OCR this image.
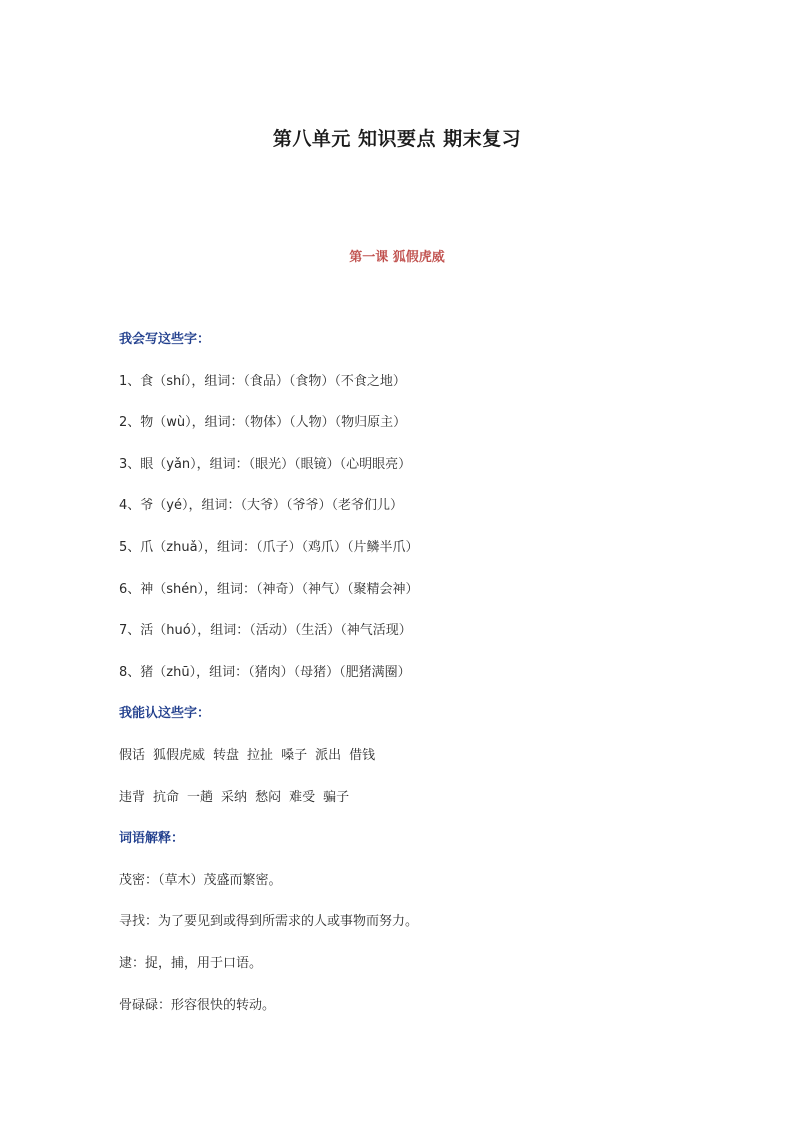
第八单元 知识要点 期末复习
第一课 狐假虎威
我会写这些字：
1、食（shí），组词：（食品）（食物）（不食之地）
2、物（wù），组词：（物体）（人物）（物归原主）
3、眼（yǎn），组词：（眼光）（眼镜）（心明眼亮）
4、爷（yé），组词：（大爷）（爷爷）（老爷们儿）
5、爪（zhuǎ），组词：（爪子）（鸡爪）（片鳞半爪）
6、神（shén），组词：（神奇）（神气）（聚精会神）
7、活（huó），组词：（活动）（生活）（神气活现）
8、猪（zhū），组词：（猪肉）（母猪）（肥猪满圈）
我能认这些字：
假话 狐假虎威 转盘 拉扯 嗓子 派出 借钱
违背 抗命 一趟 采纳 愁闷 难受 骗子
词语解释：
茂密：（草木）茂盛而繁密。
寻找：为了要见到或得到所需求的人或事物而努力。
逮：捉，捕，用于口语。
骨碌碌：形容很快的转动。
